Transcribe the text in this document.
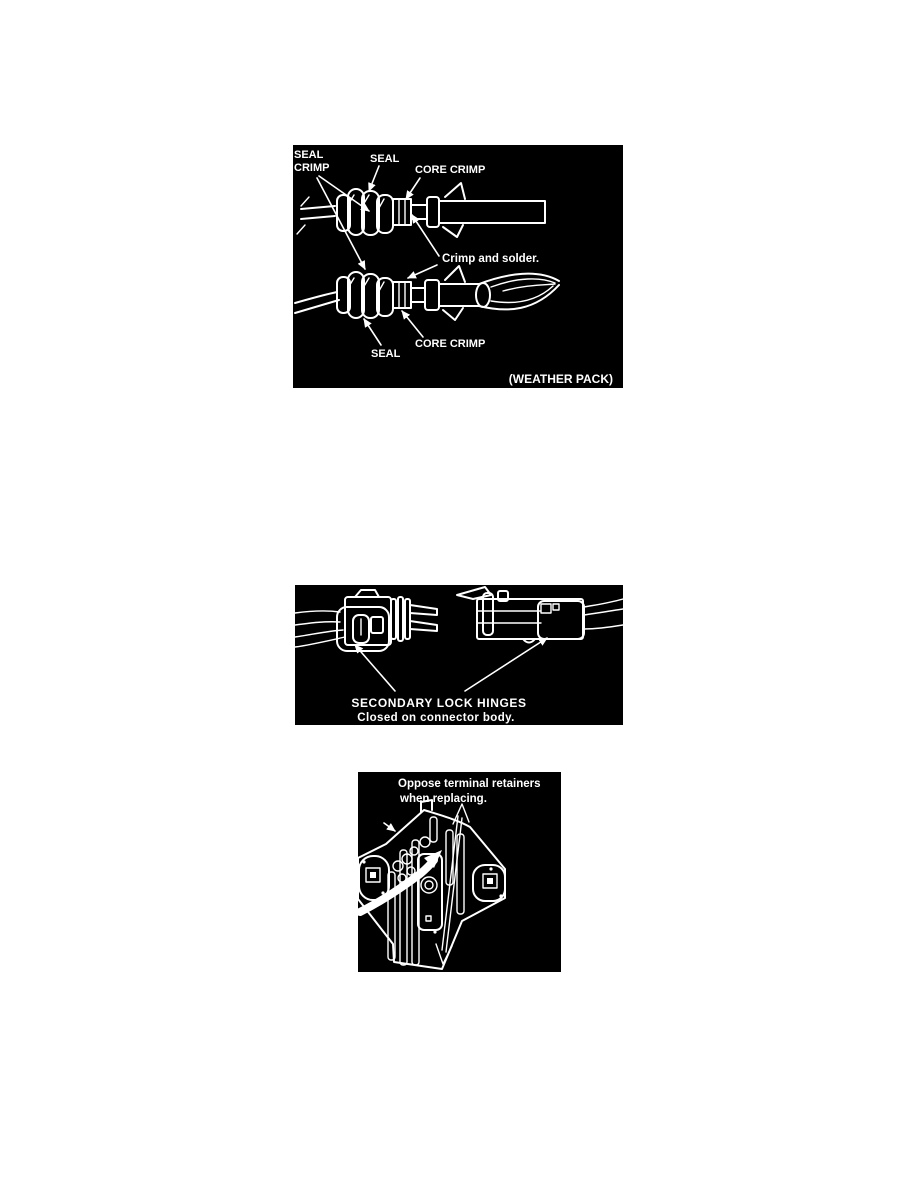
SEAL
CRIMP
SEAL
CORE CRIMP
Crimp and solder.
SEAL
CORE CRIMP
(WEATHER PACK)
SECONDARY LOCK HINGES
Closed on connector body.
Oppose terminal retainers
when replacing.
